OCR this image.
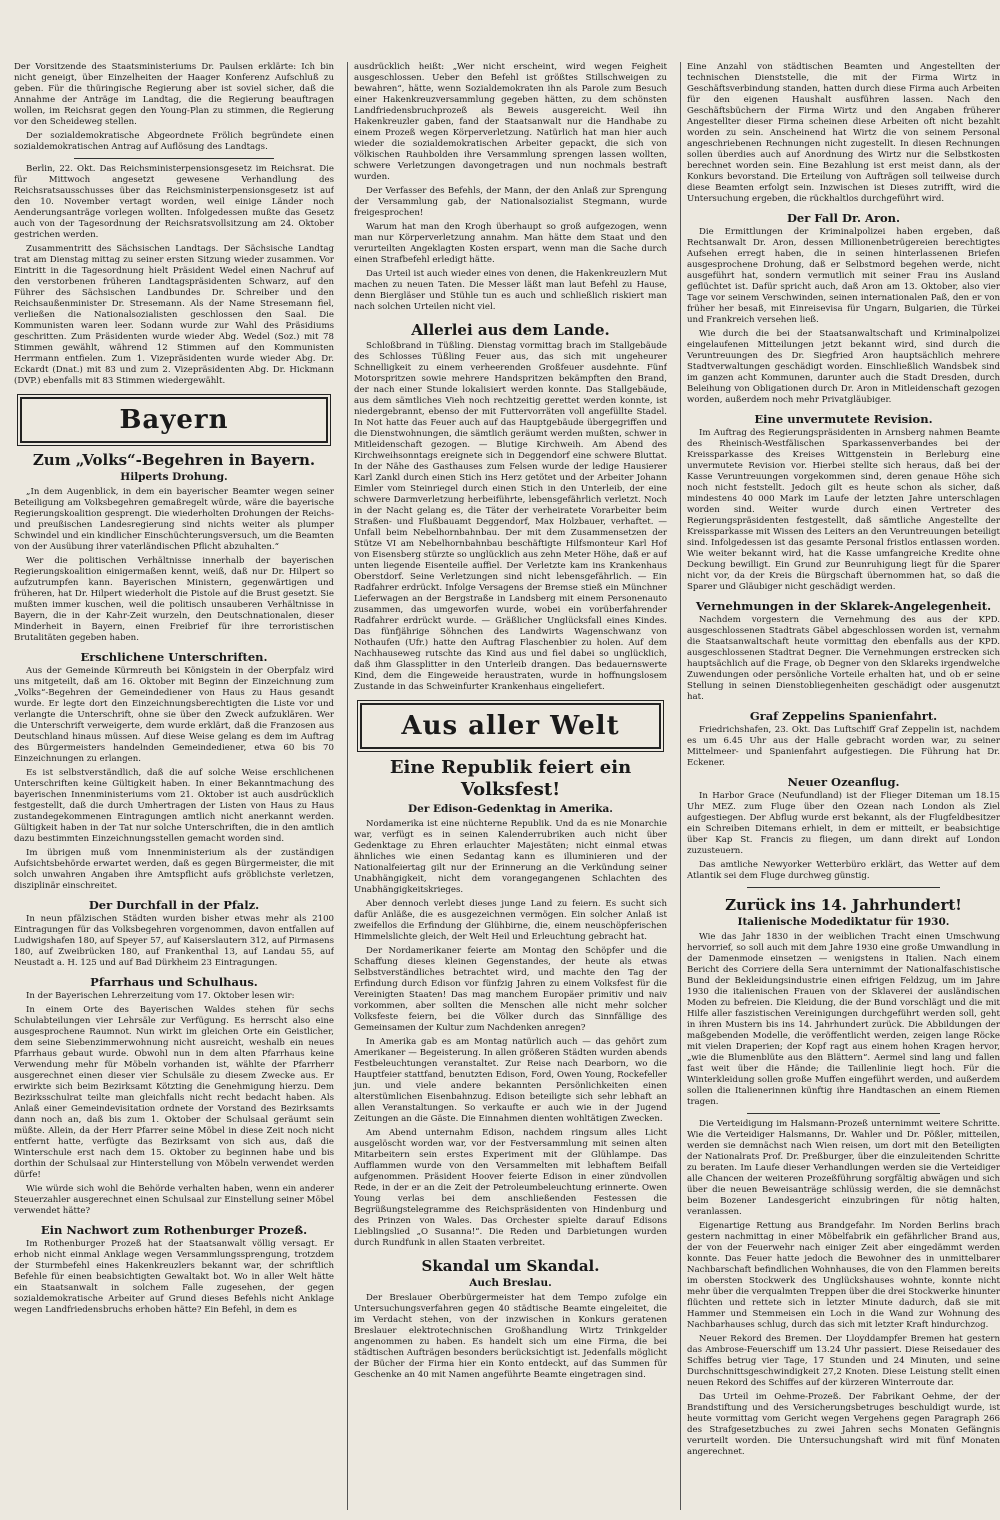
Der Vorsitzende des Staatsministeriums Dr. Paulsen erklärte: Ich bin nicht geneigt, über Einzelheiten der Haager Konferenz Aufschluß zu geben. Für die thüringische Regierung aber ist soviel sicher, daß die Annahme der Anträge im Landtag, die die Regierung beauftragen wollen, im Reichsrat gegen den Young-Plan zu stimmen, die Regierung vor den Scheideweg stellen.

Der sozialdemokratische Abgeordnete Frölich begründete einen sozialdemokratischen Antrag auf Auflösung des Landtags.

Berlin, 22. Okt. Das Reichsministerpensionsgesetz im Reichsrat. Die für Mittwoch angesetzt gewesene Verhandlung des Reichsratsausschusses über das Reichsministerpensionsgesetz ist auf den 10. November vertagt worden, weil einige Länder noch Aenderungsanträge vorlegen wollten. Infolgedessen mußte das Gesetz auch von der Tagesordnung der Reichsratsvollsitzung am 24. Oktober gestrichen werden.

Zusammentritt des Sächsischen Landtags. Der Sächsische Landtag trat am Dienstag mittag zu seiner ersten Sitzung wieder zusammen. Vor Eintritt in die Tagesordnung hielt Präsident Wedel einen Nachruf auf den verstorbenen früheren Landtagspräsidenten Schwarz, auf den Führer des Sächsischen Landbundes Dr. Schreiber und den Reichsaußenminister Dr. Stresemann. Als der Name Stresemann fiel, verließen die Nationalsozialisten geschlossen den Saal. Die Kommunisten waren leer. Sodann wurde zur Wahl des Präsidiums geschritten. Zum Präsidenten wurde wieder Abg. Wedel (Soz.) mit 78 Stimmen gewählt, während 12 Stimmen auf den Kommunisten Herrmann entfielen. Zum 1. Vizepräsidenten wurde wieder Abg. Dr. Eckardt (Dnat.) mit 83 und zum 2. Vizepräsidenten Abg. Dr. Hickmann (DVP.) ebenfalls mit 83 Stimmen wiedergewählt.

Bayern
Zum „Volks“-Begehren in Bayern.
Hilperts Drohung.

„In dem Augenblick, in dem ein bayerischer Beamter wegen seiner Beteiligung am Volksbegehren gemaßregelt würde, wäre die bayerische Regierungskoalition gesprengt. Die wiederholten Drohungen der Reichs- und preußischen Landesregierung sind nichts weiter als plumper Schwindel und ein kindlicher Einschüchterungsversuch, um die Beamten von der Ausübung ihrer vaterländischen Pflicht abzuhalten.“

Wer die politischen Verhältnisse innerhalb der bayerischen Regierungskoalition einigermaßen kennt, weiß, daß nur Dr. Hilpert so aufzutrumpfen kann. Bayerischen Ministern, gegenwärtigen und früheren, hat Dr. Hilpert wiederholt die Pistole auf die Brust gesetzt. Sie mußten immer kuschen, weil die politisch unsauberen Verhältnisse in Bayern, die in der Kahr-Zeit wurzeln, den Deutschnationalen, dieser Minderheit in Bayern, einen Freibrief für ihre terroristischen Brutalitäten gegeben haben.

Erschlichene Unterschriften.

Aus der Gemeinde Kürmreuth bei Königstein in der Oberpfalz wird uns mitgeteilt, daß am 16. Oktober mit Beginn der Einzeichnung zum „Volks“-Begehren der Gemeindediener von Haus zu Haus gesandt wurde. Er legte dort den Einzeichnungsberechtigten die Liste vor und verlangte die Unterschrift, ohne sie über den Zweck aufzuklären. Wer die Unterschrift verweigerte, dem wurde erklärt, daß die Franzosen aus Deutschland hinaus müssen. Auf diese Weise gelang es dem im Auftrag des Bürgermeisters handelnden Gemeindediener, etwa 60 bis 70 Einzeichnungen zu erlangen.

Es ist selbstverständlich, daß die auf solche Weise erschlichenen Unterschriften keine Gültigkeit haben. In einer Bekanntmachung des bayerischen Innenministeriums vom 21. Oktober ist auch ausdrücklich festgestellt, daß die durch Umhertragen der Listen von Haus zu Haus zustandegekommenen Eintragungen amtlich nicht anerkannt werden. Gültigkeit haben in der Tat nur solche Unterschriften, die in den amtlich dazu bestimmten Einzeichnungsstellen gemacht worden sind.

Im übrigen muß vom Innenministerium als der zuständigen Aufsichtsbehörde erwartet werden, daß es gegen Bürgermeister, die mit solch unwahren Angaben ihre Amtspflicht aufs gröblichste verletzen, disziplinär einschreitet.

Der Durchfall in der Pfalz.

In neun pfälzischen Städten wurden bisher etwas mehr als 2100 Eintragungen für das Volksbegehren vorgenommen, davon entfallen auf Ludwigshafen 180, auf Speyer 57, auf Kaiserslautern 312, auf Pirmasens 180, auf Zweibrücken 180, auf Frankenthal 13, auf Landau 55, auf Neustadt a. H. 125 und auf Bad Dürkheim 23 Eintragungen.

Pfarrhaus und Schulhaus.

In der Bayerischen Lehrerzeitung vom 17. Oktober lesen wir:

In einem Orte des Bayerischen Waldes stehen für sechs Schulabteilungen vier Lehrsäle zur Verfügung. Es herrscht also eine ausgesprochene Raumnot. Nun wirkt im gleichen Orte ein Geistlicher, dem seine Siebenzimmerwohnung nicht ausreicht, weshalb ein neues Pfarrhaus gebaut wurde. Obwohl nun in dem alten Pfarrhaus keine Verwendung mehr für Möbeln vorhanden ist, wählte der Pfarrherr ausgerechnet einen dieser vier Schulsäle zu diesem Zwecke aus. Er erwirkte sich beim Bezirksamt Kötzting die Genehmigung hierzu. Dem Bezirksschulrat teilte man gleichfalls nicht recht bedacht haben. Als Anlaß einer Gemeindevisitation ordnete der Vorstand des Bezirksamts dann noch an, daß bis zum 1. Oktober der Schulsaal geräumt sein müßte. Allein, da der Herr Pfarrer seine Möbel in diese Zeit noch nicht entfernt hatte, verfügte das Bezirksamt von sich aus, daß die Winterschule erst nach dem 15. Oktober zu beginnen habe und bis dorthin der Schulsaal zur Hinterstellung von Möbeln verwendet werden dürfe!

Wie würde sich wohl die Behörde verhalten haben, wenn ein anderer Steuerzahler ausgerechnet einen Schulsaal zur Einstellung seiner Möbel verwendet hätte?

Ein Nachwort zum Rothenburger Prozeß.

Im Rothenburger Prozeß hat der Staatsanwalt völlig versagt. Er erhob nicht einmal Anklage wegen Versammlungssprengung, trotzdem der Sturmbefehl eines Hakenkreuzlers bekannt war, der schriftlich Befehle für einen beabsichtigten Gewaltakt bot. Wo in aller Welt hätte ein Staatsanwalt in solchem Falle zugesehen, der gegen sozialdemokratische Arbeiter auf Grund dieses Befehls nicht Anklage wegen Landfriedensbruchs erhoben hätte? Ein Befehl, in dem es

ausdrücklich heißt: „Wer nicht erscheint, wird wegen Feigheit ausgeschlossen. Ueber den Befehl ist größtes Stillschweigen zu bewahren“, hätte, wenn Sozialdemokraten ihn als Parole zum Besuch einer Hakenkreuzversammlung gegeben hätten, zu dem schönsten Landfriedensbruchprozeß als Beweis ausgereicht. Weil ihn Hakenkreuzler gaben, fand der Staatsanwalt nur die Handhabe zu einem Prozeß wegen Körperverletzung. Natürlich hat man hier auch wieder die sozialdemokratischen Arbeiter gepackt, die sich von völkischen Rauhbolden ihre Versammlung sprengen lassen wollten, schwere Verletzungen davongetragen und nun nochmals bestraft wurden.

Der Verfasser des Befehls, der Mann, der den Anlaß zur Sprengung der Versammlung gab, der Nationalsozialist Stegmann, wurde freigesprochen!

Warum hat man den Krogh überhaupt so groß aufgezogen, wenn man nur Körperverletzung annahm. Man hätte dem Staat und den verurteilten Angeklagten Kosten erspart, wenn man die Sache durch einen Strafbefehl erledigt hätte.

Das Urteil ist auch wieder eines von denen, die Hakenkreuzlern Mut machen zu neuen Taten. Die Messer läßt man laut Befehl zu Hause, denn Biergläser und Stühle tun es auch und schließlich riskiert man nach solchen Urteilen nicht viel.

Allerlei aus dem Lande.

Schloßbrand in Tüßling. Dienstag vormittag brach im Stallgebäude des Schlosses Tüßling Feuer aus, das sich mit ungeheurer Schnelligkeit zu einem verheerenden Großfeuer ausdehnte. Fünf Motorspritzen sowie mehrere Handspritzen bekämpften den Brand, der nach einer Stunde lokalisiert werden konnte. Das Stallgebäude, aus dem sämtliches Vieh noch rechtzeitig gerettet werden konnte, ist niedergebrannt, ebenso der mit Futtervorräten voll angefüllte Stadel. In Not hatte das Feuer auch auf das Hauptgebäude übergegriffen und die Dienstwohnungen, die sämtlich geräumt werden mußten, schwer in Mitleidenschaft gezogen. — Blutige Kirchweih. Am Abend des Kirchweihsonntags ereignete sich in Deggendorf eine schwere Bluttat. In der Nähe des Gasthauses zum Felsen wurde der ledige Hausierer Karl Zankl durch einen Stich ins Herz getötet und der Arbeiter Johann Eimler vom Steinriegel durch einen Stich in den Unterleib, der eine schwere Darmverletzung herbeiführte, lebensgefährlich verletzt. Noch in der Nacht gelang es, die Täter der verheiratete Vorarbeiter beim Straßen- und Flußbauamt Deggendorf, Max Holzbauer, verhaftet. — Unfall beim Nebelhornbahnbau. Der mit dem Zusammensetzen der Stütze VI am Nebelhornbahnbau beschäftigte Hilfsmonteur Karl Hof von Eisensberg stürzte so unglücklich aus zehn Meter Höhe, daß er auf unten liegende Eisenteile auffiel. Der Verletzte kam ins Krankenhaus Oberstdorf. Seine Verletzungen sind nicht lebensgefährlich. — Ein Radfahrer erdrückt. Infolge Versagens der Bremse stieß ein Münchner Lieferwagen an der Bergstraße in Landsberg mit einem Personenauto zusammen, das umgeworfen wurde, wobei ein vorüberfahrender Radfahrer erdrückt wurde. — Gräßlicher Unglücksfall eines Kindes. Das fünfjährige Söhnchen des Landwirts Wagenschwanz von Nothaufen (Ufr.) hatte den Auftrag Flaschenbier zu holen. Auf dem Nachhauseweg rutschte das Kind aus und fiel dabei so unglücklich, daß ihm Glassplitter in den Unterleib drangen. Das bedauernswerte Kind, dem die Eingeweide heraustraten, wurde in hoffnungslosem Zustande in das Schweinfurter Krankenhaus eingeliefert.

Aus aller Welt
Eine Republik feiert ein Volksfest!
Der Edison-Gedenktag in Amerika.

Nordamerika ist eine nüchterne Republik. Und da es nie Monarchie war, verfügt es in seinen Kalenderrubriken auch nicht über Gedenktage zu Ehren erlauchter Majestäten; nicht einmal etwas ähnliches wie einen Sedantag kann es illuminieren und der Nationalfeiertag gilt nur der Erinnerung an die Verkündung seiner Unabhängigkeit, nicht dem vorangegangenen Schlachten des Unabhängigkeitskrieges.

Aber dennoch verlebt dieses junge Land zu feiern. Es sucht sich dafür Anläße, die es ausgezeichnen vermögen. Ein solcher Anlaß ist zweifellos die Erfindung der Glühbirne, die, einem neuschöpferischen Himmelslichte gleich, der Welt Heil und Erleuchtung gebracht hat.

Der Nordamerikaner feierte am Montag den Schöpfer und die Schaffung dieses kleinen Gegenstandes, der heute als etwas Selbstverständliches betrachtet wird, und machte den Tag der Erfindung durch Edison vor fünfzig Jahren zu einem Volksfest für die Vereinigten Staaten! Das mag manchem Europäer primitiv und naiv vorkommen, aber sollten die Menschen alle nicht mehr solcher Volksfeste feiern, bei die Völker durch das Sinnfällige des Gemeinsamen der Kultur zum Nachdenken anregen?

In Amerika gab es am Montag natürlich auch — das gehört zum Amerikaner — Begeisterung. In allen größeren Städten wurden abends Festbeleuchtungen veranstaltet. Zur Reise nach Dearborn, wo die Hauptfeier stattfand, benutzten Edison, Ford, Owen Young, Rockefeller jun. und viele andere bekannten Persönlichkeiten einen alterstümlichen Eisenbahnzug. Edison beteiligte sich sehr lebhaft an allen Veranstaltungen. So verkaufte er auch wie in der Jugend Zeitungen an die Gäste. Die Einnahmen dienten wohltätigen Zwecken.

Am Abend unternahm Edison, nachdem ringsum alles Licht ausgelöscht worden war, vor der Festversammlung mit seinen alten Mitarbeitern sein erstes Experiment mit der Glühlampe. Das Aufflammen wurde von den Versammelten mit lebhaftem Beifall aufgenommen. Präsident Hoover feierte Edison in einer zündvollen Rede, in der er an die Zeit der Petroleumbeleuchtung erinnerte. Owen Young verlas bei dem anschließenden Festessen die Begrüßungstelegramme des Reichspräsidenten von Hindenburg und des Prinzen von Wales. Das Orchester spielte darauf Edisons Lieblingslied „O Susanna!“. Die Reden und Darbietungen wurden durch Rundfunk in allen Staaten verbreitet.

Skandal um Skandal.
Auch Breslau.

Der Breslauer Oberbürgermeister hat dem Tempo zufolge ein Untersuchungsverfahren gegen 40 städtische Beamte eingeleitet, die im Verdacht stehen, von der inzwischen in Konkurs geratenen Breslauer elektrotechnischen Großhandlung Wirtz Trinkgelder angenommen zu haben. Es handelt sich um eine Firma, die bei städtischen Aufträgen besonders berücksichtigt ist. Jedenfalls möglicht der Bücher der Firma hier ein Konto entdeckt, auf das Summen für Geschenke an 40 mit Namen angeführte Beamte eingetragen sind.

Eine Anzahl von städtischen Beamten und Angestellten der technischen Dienststelle, die mit der Firma Wirtz in Geschäftsverbindung standen, hatten durch diese Firma auch Arbeiten für den eigenen Haushalt ausführen lassen. Nach den Geschäftsbüchern der Firma Wirtz und den Angaben früherer Angestellter dieser Firma scheinen diese Arbeiten oft nicht bezahlt worden zu sein. Anscheinend hat Wirtz die von seinem Personal angeschriebenen Rechnungen nicht zugestellt. In diesen Rechnungen sollen überdies auch auf Anordnung des Wirtz nur die Selbstkosten berechnet worden sein. Eine Bezahlung ist erst meist dann, als der Konkurs bevorstand. Die Erteilung von Aufträgen soll teilweise durch diese Beamten erfolgt sein. Inzwischen ist Dieses zutrifft, wird die Untersuchung ergeben, die rückhaltlos durchgeführt wird.

Der Fall Dr. Aron.

Die Ermittlungen der Kriminalpolizei haben ergeben, daß Rechtsanwalt Dr. Aron, dessen Millionenbetrügereien berechtigtes Aufsehen erregt haben, die in seinen hinterlassenen Briefen ausgesprochene Drohung, daß er Selbstmord begehen werde, nicht ausgeführt hat, sondern vermutlich mit seiner Frau ins Ausland geflüchtet ist. Dafür spricht auch, daß Aron am 13. Oktober, also vier Tage vor seinem Verschwinden, seinen internationalen Paß, den er von früher her besaß, mit Einreisevisa für Ungarn, Bulgarien, die Türkei und Frankreich versehen ließ.

Wie durch die bei der Staatsanwaltschaft und Kriminalpolizei eingelaufenen Mitteilungen jetzt bekannt wird, sind durch die Veruntreuungen des Dr. Siegfried Aron hauptsächlich mehrere Stadtverwaltungen geschädigt worden. Einschließlich Wandsbek sind im ganzen acht Kommunen, darunter auch die Stadt Dresden, durch Beleihung von Obligationen durch Dr. Aron in Mitleidenschaft gezogen worden, außerdem noch mehr Privatgläubiger.

Eine unvermutete Revision.

Im Auftrag des Regierungspräsidenten in Arnsberg nahmen Beamte des Rheinisch-Westfälischen Sparkassenverbandes bei der Kreissparkasse des Kreises Wittgenstein in Berleburg eine unvermutete Revision vor. Hierbei stellte sich heraus, daß bei der Kasse Veruntreuungen vorgekommen sind, deren genaue Höhe sich noch nicht feststellt. Jedoch gilt es heute schon als sicher, daß mindestens 40 000 Mark im Laufe der letzten Jahre unterschlagen worden sind. Weiter wurde durch einen Vertreter des Regierungspräsidenten festgestellt, daß sämtliche Angestellte der Kreissparkasse mit Wissen des Leiters an den Veruntreuungen beteiligt sind. Infolgedessen ist das gesamte Personal fristlos entlassen worden. Wie weiter bekannt wird, hat die Kasse umfangreiche Kredite ohne Deckung bewilligt. Ein Grund zur Beunruhigung liegt für die Sparer nicht vor, da der Kreis die Bürgschaft übernommen hat, so daß die Sparer und Gläubiger nicht geschädigt werden.

Vernehmungen in der Sklarek-Angelegenheit.

Nachdem vorgestern die Vernehmung des aus der KPD. ausgeschlossenen Stadtrats Gäbel abgeschlossen worden ist, vernahm die Staatsanwaltschaft heute vormittag den ebenfalls aus der KPD. ausgeschlossenen Stadtrat Degner. Die Vernehmungen erstrecken sich hauptsächlich auf die Frage, ob Degner von den Sklareks irgendwelche Zuwendungen oder persönliche Vorteile erhalten hat, und ob er seine Stellung in seinen Dienstobliegenheiten geschädigt oder ausgenutzt hat.

Graf Zeppelins Spanienfahrt.

Friedrichshafen, 23. Okt. Das Luftschiff Graf Zeppelin ist, nachdem es um 6.45 Uhr aus der Halle gebracht worden war, zu seiner Mittelmeer- und Spanienfahrt aufgestiegen. Die Führung hat Dr. Eckener.

Neuer Ozeanflug.

In Harbor Grace (Neufundland) ist der Flieger Diteman um 18.15 Uhr MEZ. zum Fluge über den Ozean nach London als Ziel aufgestiegen. Der Abflug wurde erst bekannt, als der Flugfeldbesitzer ein Schreiben Ditemans erhielt, in dem er mitteilt, er beabsichtige über Kap St. Francis zu fliegen, um dann direkt auf London zuzusteuern.

Das amtliche Newyorker Wetterbüro erklärt, das Wetter auf dem Atlantik sei dem Fluge durchweg günstig.

Zurück ins 14. Jahrhundert!
Italienische Modediktatur für 1930.

Wie das Jahr 1830 in der weiblichen Tracht einen Umschwung hervorrief, so soll auch mit dem Jahre 1930 eine große Umwandlung in der Damenmode einsetzen — wenigstens in Italien. Nach einem Bericht des Corriere della Sera unternimmt der Nationalfaschistische Bund der Bekleidungsindustrie einen eifrigen Feldzug, um im Jahre 1930 die italienischen Frauen von der Sklaverei der ausländischen Moden zu befreien. Die Kleidung, die der Bund vorschlägt und die mit Hilfe aller faszistischen Vereinigungen durchgeführt werden soll, geht in ihren Mustern bis ins 14. Jahrhundert zurück. Die Abbildungen der maßgebenden Modelle, die veröffentlicht werden, zeigen lange Röcke mit vielen Draperien; der Kopf ragt aus einem hohen Kragen hervor, „wie die Blumenblüte aus den Blättern“. Aermel sind lang und fallen fast weit über die Hände; die Taillenlinie liegt hoch. Für die Winterkleidung sollen große Muffen eingeführt werden, und außerdem sollen die Italienerinnen künftig ihre Handtaschen an einem Riemen tragen.

Die Verteidigung im Halsmann-Prozeß unternimmt weitere Schritte. Wie die Verteidiger Halsmanns, Dr. Wahler und Dr. Pößler, mitteilen, werden sie demnächst nach Wien reisen, um dort mit den Beteiligten der Nationalrats Prof. Dr. Preßburger, über die einzuleitenden Schritte zu beraten. Im Laufe dieser Verhandlungen werden sie die Verteidiger alle Chancen der weiteren Prozeßführung sorgfältig abwägen und sich über die neuen Beweisanträge schlüssig werden, die sie demnächst beim Bozener Landesgericht einzubringen für nötig halten, veranlassen.

Eigenartige Rettung aus Brandgefahr. Im Norden Berlins brach gestern nachmittag in einer Möbelfabrik ein gefährlicher Brand aus, der von der Feuerwehr nach einiger Zeit aber eingedämmt werden konnte. Das Feuer hatte jedoch die Bewohner des in unmittelbarer Nachbarschaft befindlichen Wohnhauses, die von den Flammen bereits im obersten Stockwerk des Unglückshauses wohnte, konnte nicht mehr über die verqualmten Treppen über die drei Stockwerke hinunter flüchten und rettete sich in letzter Minute dadurch, daß sie mit Hammer und Stemmeisen ein Loch in die Wand zur Wohnung des Nachbarhauses schlug, durch das sich mit letzter Kraft hindurchzog.

Neuer Rekord des Bremen. Der Lloyddampfer Bremen hat gestern das Ambrose-Feuerschiff um 13.24 Uhr passiert. Diese Reisedauer des Schiffes betrug vier Tage, 17 Stunden und 24 Minuten, und seine Durchschnittsgeschwindigkeit 27,2 Knoten. Diese Leistung stellt einen neuen Rekord des Schiffes auf der kürzeren Winterroute dar.

Das Urteil im Oehme-Prozeß. Der Fabrikant Oehme, der der Brandstiftung und des Versicherungsbetruges beschuldigt wurde, ist heute vormittag vom Gericht wegen Vergehens gegen Paragraph 266 des Strafgesetzbuches zu zwei Jahren sechs Monaten Gefängnis verurteilt worden. Die Untersuchungshaft wird mit fünf Monaten angerechnet.
